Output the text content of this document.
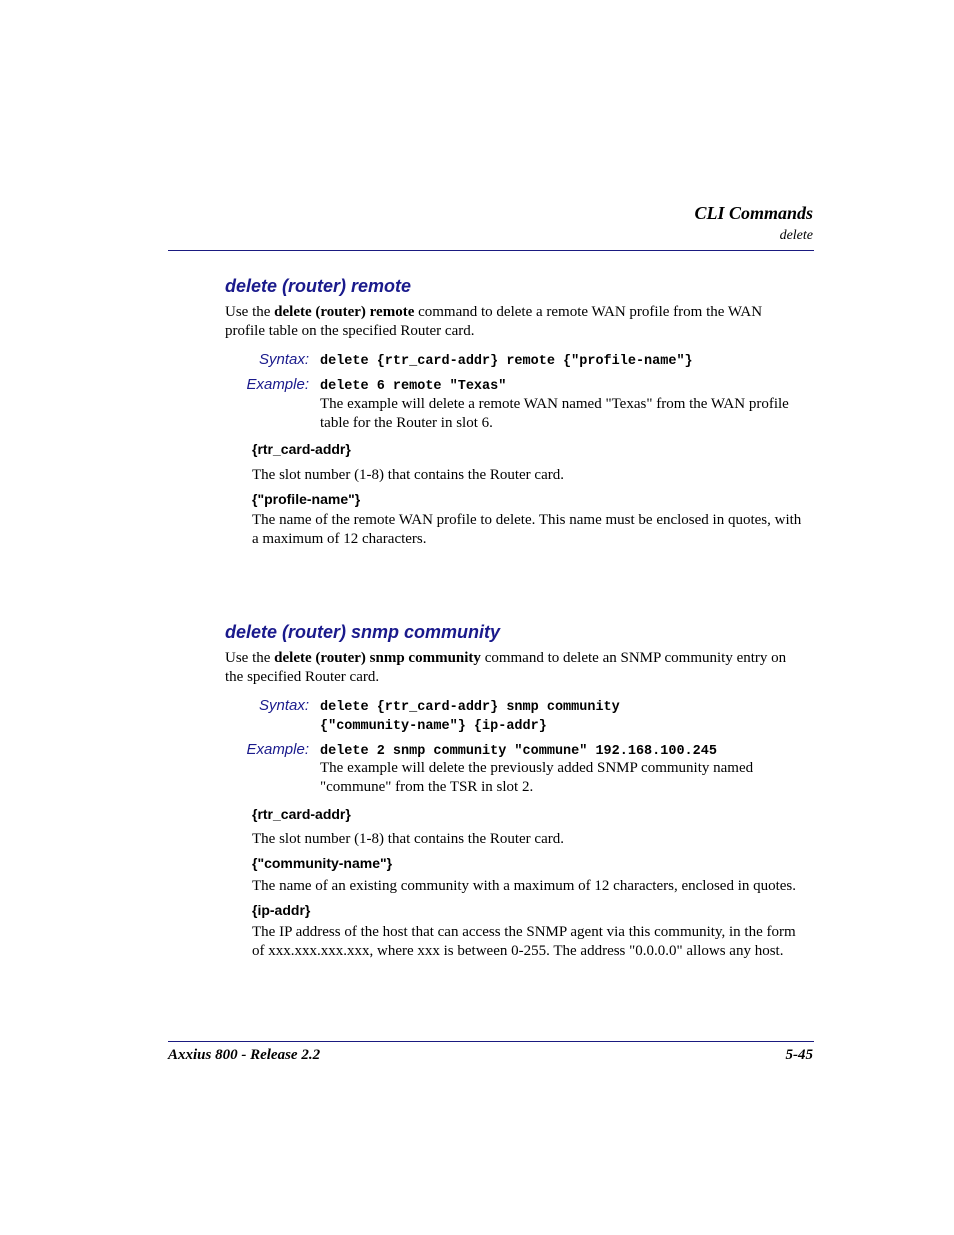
CLI Commands
delete
delete (router) remote
Use the delete (router) remote command to delete a remote WAN profile from the WAN
profile table on the specified Router card.
Syntax: delete {rtr_card-addr} remote {"profile-name"}
Example: delete 6 remote "Texas"
The example will delete a remote WAN named "Texas" from the WAN profile
table for the Router in slot 6.
{rtr_card-addr}
The slot number (1-8) that contains the Router card.
{"profile-name"}
The name of the remote WAN profile to delete. This name must be enclosed in quotes, with
a maximum of 12 characters.
delete (router) snmp community
Use the delete (router) snmp community command to delete an SNMP community entry on
the specified Router card.
Syntax: delete {rtr_card-addr} snmp community
{"community-name"} {ip-addr}
Example: delete 2 snmp community "commune" 192.168.100.245
The example will delete the previously added SNMP community named
"commune" from the TSR in slot 2.
{rtr_card-addr}
The slot number (1-8) that contains the Router card.
{"community-name"}
The name of an existing community with a maximum of 12 characters, enclosed in quotes.
{ip-addr}
The IP address of the host that can access the SNMP agent via this community, in the form
of xxx.xxx.xxx.xxx, where xxx is between 0-255. The address "0.0.0.0" allows any host.
Axxius 800 - Release 2.2	5-45
